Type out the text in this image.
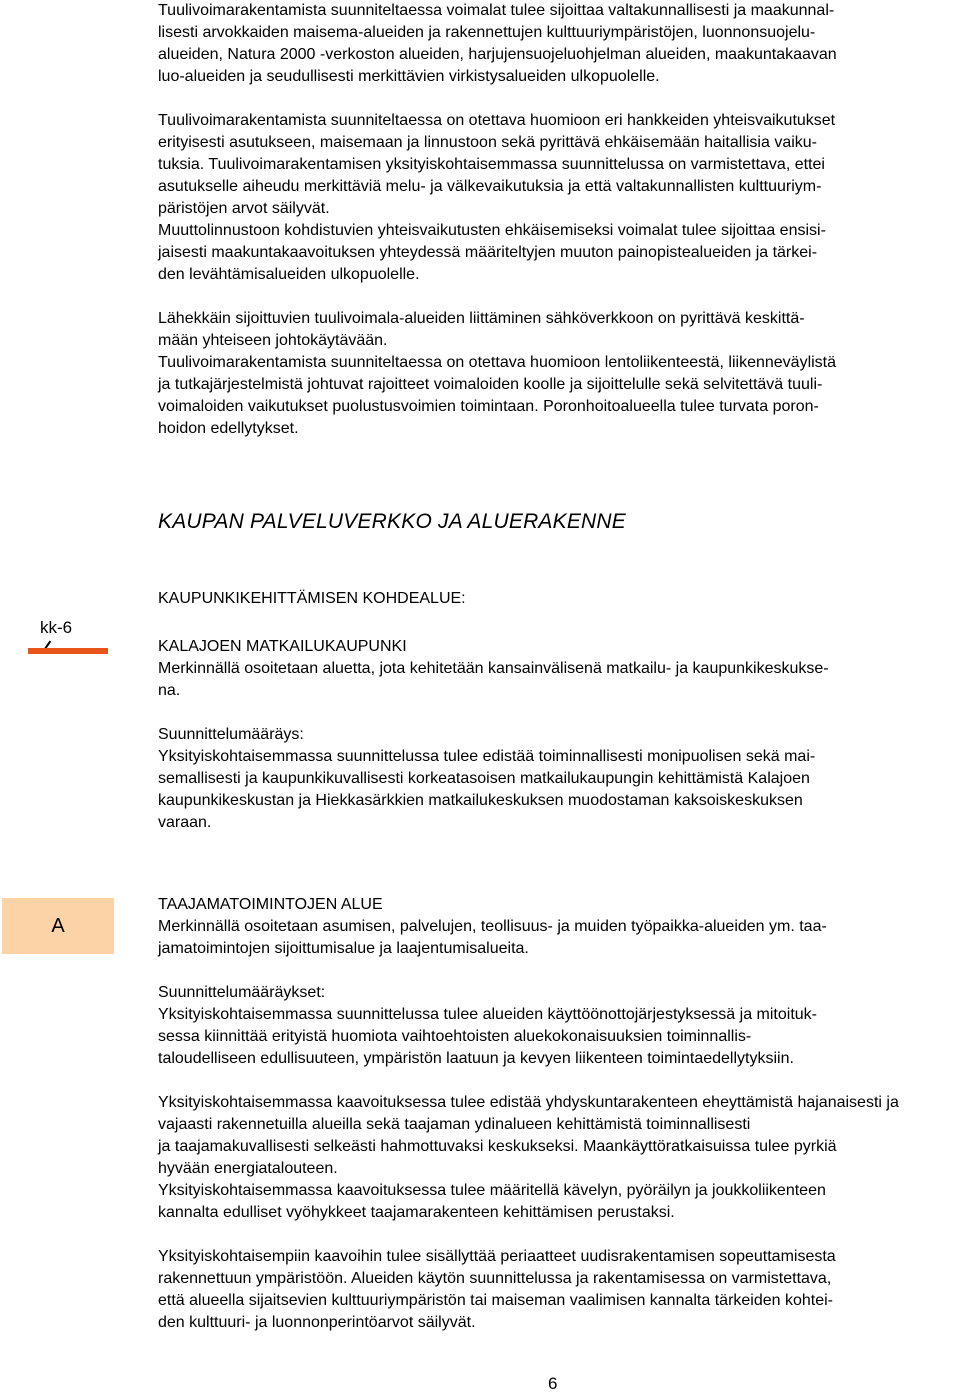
Tuulivoimarakentamista suunniteltaessa voimalat tulee sijoittaa valtakunnallisesti ja maakunnal-
lisesti arvokkaiden maisema-alueiden ja rakennettujen kulttuuriympäristöjen, luonnonsuojelu-
alueiden, Natura 2000 -verkoston alueiden, harjujensuojeluohjelman alueiden, maakuntakaavan
luo-alueiden ja seudullisesti merkittävien virkistysalueiden ulkopuolelle.

Tuulivoimarakentamista suunniteltaessa on otettava huomioon eri hankkeiden yhteisvaikutukset
erityisesti asutukseen, maisemaan ja linnustoon sekä pyrittävä ehkäisemään haitallisia vaiku-
tuksia. Tuulivoimarakentamisen yksityiskohtaisemmassa suunnittelussa on varmistettava, ettei
asutukselle aiheudu merkittäviä melu- ja välkevaikutuksia ja että valtakunnallisten kulttuuriym-
päristöjen arvot säilyvät.
Muuttolinnustoon kohdistuvien yhteisvaikutusten ehkäisemiseksi voimalat tulee sijoittaa ensisi-
jaisesti maakuntakaavoituksen yhteydessä määriteltyjen muuton painopistealueiden ja tärkei-
den levähtämisalueiden ulkopuolelle.

Lähekkäin sijoittuvien tuulivoimala-alueiden liittäminen sähköverkkoon on pyrittävä keskittä-
mään yhteiseen johtokäytävään.
Tuulivoimarakentamista suunniteltaessa on otettava huomioon lentoliikenteestä, liikenneväylistä
ja tutkajärjestelmistä johtuvat rajoitteet voimaloiden koolle ja sijoittelulle sekä selvitettävä tuuli-
voimaloiden vaikutukset puolustusvoimien toimintaan. Poronhoitoalueella tulee turvata poron-
hoidon edellytykset.

KAUPAN PALVELUVERKKO JA ALUERAKENNE
kk-6

KAUPUNKIKEHITTÄMISEN KOHDEALUE:

KALAJOEN MATKAILUKAUPUNKI

Merkinnällä osoitetaan aluetta, jota kehitetään kansainvälisenä matkailu- ja kaupunkikeskukse-
na.

Suunnittelumääräys:

Yksityiskohtaisemmassa suunnittelussa tulee edistää toiminnallisesti monipuolisen sekä mai-
semallisesti ja kaupunkikuvallisesti korkeatasoisen matkailukaupungin kehittämistä Kalajoen
kaupunkikeskustan ja Hiekkasärkkien matkailukeskuksen muodostaman kaksoiskeskuksen
varaan.

A

TAAJAMATOIMINTOJEN ALUE

Merkinnällä osoitetaan asumisen, palvelujen, teollisuus- ja muiden työpaikka-alueiden ym. taa-
jamatoimintojen sijoittumisalue ja laajentumisalueita.

Suunnittelumääräykset:

Yksityiskohtaisemmassa suunnittelussa tulee alueiden käyttöönottojärjestyksessä ja mitoituk-
sessa kiinnittää erityistä huomiota vaihtoehtoisten aluekokonaisuuksien toiminnallis-
taloudelliseen edullisuuteen, ympäristön laatuun ja kevyen liikenteen toimintaedellytyksiin.

Yksityiskohtaisemmassa kaavoituksessa tulee edistää yhdyskuntarakenteen eheyttämistä hajanaisesti ja vajaasti rakennetuilla alueilla sekä taajaman ydinalueen kehittämistä toiminnallisesti
ja taajamakuvallisesti selkeästi hahmottuvaksi keskukseksi. Maankäyttöratkaisuissa tulee pyrkiä
hyvään energiatalouteen.
Yksityiskohtaisemmassa kaavoituksessa tulee määritellä kävelyn, pyöräilyn ja joukkoliikenteen
kannalta edulliset vyöhykkeet taajamarakenteen kehittämisen perustaksi.

Yksityiskohtaisempiin kaavoihin tulee sisällyttää periaatteet uudisrakentamisen sopeuttamisesta
rakennettuun ympäristöön. Alueiden käytön suunnittelussa ja rakentamisessa on varmistettava,
että alueella sijaitsevien kulttuuriympäristön tai maiseman vaalimisen kannalta tärkeiden kohtei-
den kulttuuri- ja luonnonperintöarvot säilyvät.

6
